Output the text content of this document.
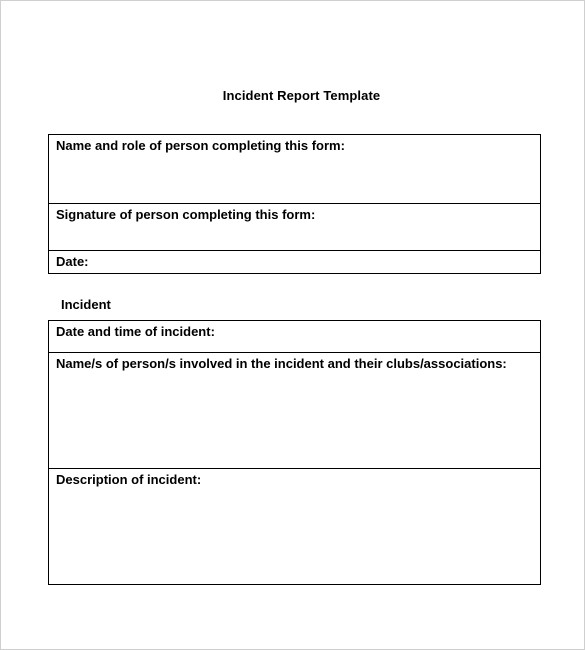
Incident Report Template
Name and role of person completing this form:
Signature of person completing this form:
Date:
Incident
Date and time of incident:
Name/s of person/s involved in the incident and their clubs/associations:
Description of incident:
